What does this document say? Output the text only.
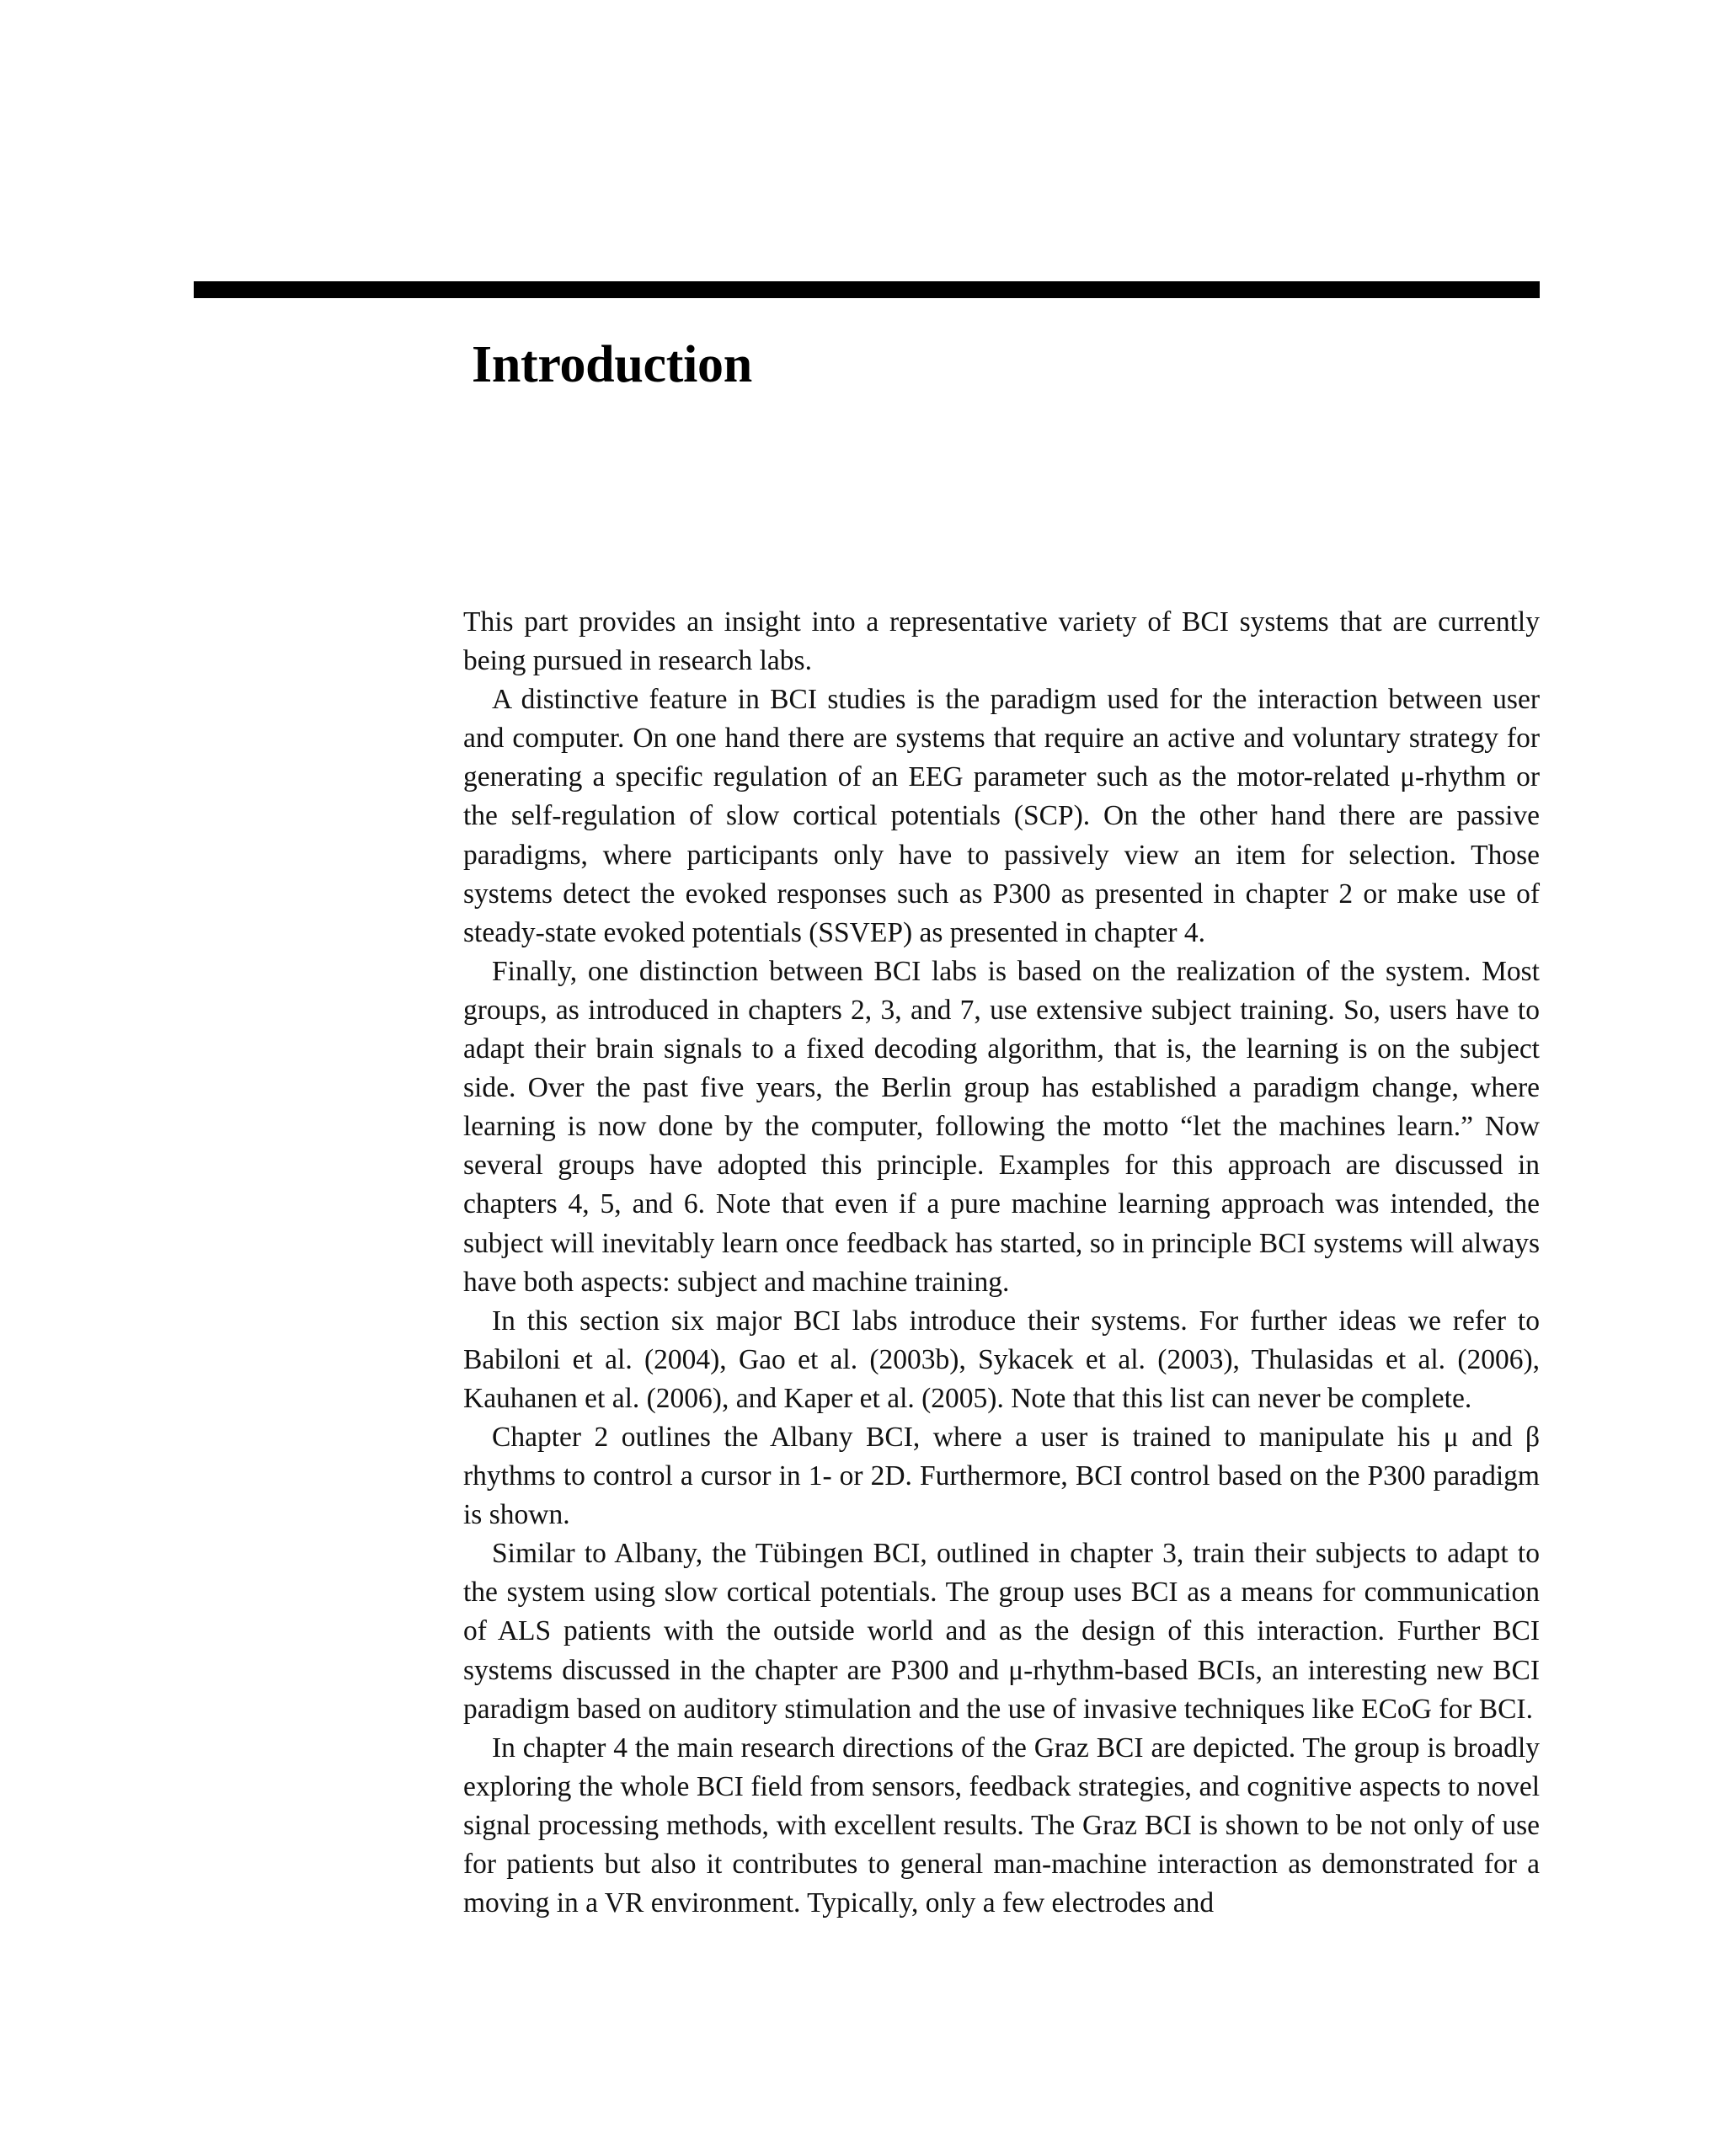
Introduction

This part provides an insight into a representative variety of BCI systems that are currently being pursued in research labs.

A distinctive feature in BCI studies is the paradigm used for the interaction between user and computer. On one hand there are systems that require an active and voluntary strategy for generating a specific regulation of an EEG parameter such as the motor-related μ-rhythm or the self-regulation of slow cortical potentials (SCP). On the other hand there are passive paradigms, where participants only have to passively view an item for selection. Those systems detect the evoked responses such as P300 as presented in chapter 2 or make use of steady-state evoked potentials (SSVEP) as presented in chapter 4.

Finally, one distinction between BCI labs is based on the realization of the system. Most groups, as introduced in chapters 2, 3, and 7, use extensive subject training. So, users have to adapt their brain signals to a fixed decoding algorithm, that is, the learning is on the subject side. Over the past five years, the Berlin group has established a paradigm change, where learning is now done by the computer, following the motto “let the machines learn.” Now several groups have adopted this principle. Examples for this approach are discussed in chapters 4, 5, and 6. Note that even if a pure machine learning approach was intended, the subject will inevitably learn once feedback has started, so in principle BCI systems will always have both aspects: subject and machine training.

In this section six major BCI labs introduce their systems. For further ideas we refer to Babiloni et al. (2004), Gao et al. (2003b), Sykacek et al. (2003), Thulasidas et al. (2006), Kauhanen et al. (2006), and Kaper et al. (2005). Note that this list can never be complete.

Chapter 2 outlines the Albany BCI, where a user is trained to manipulate his μ and β rhythms to control a cursor in 1- or 2D. Furthermore, BCI control based on the P300 paradigm is shown.

Similar to Albany, the Tübingen BCI, outlined in chapter 3, train their subjects to adapt to the system using slow cortical potentials. The group uses BCI as a means for communication of ALS patients with the outside world and as the design of this interaction. Further BCI systems discussed in the chapter are P300 and μ-rhythm-based BCIs, an interesting new BCI paradigm based on auditory stimulation and the use of invasive techniques like ECoG for BCI.

In chapter 4 the main research directions of the Graz BCI are depicted. The group is broadly exploring the whole BCI field from sensors, feedback strategies, and cognitive aspects to novel signal processing methods, with excellent results. The Graz BCI is shown to be not only of use for patients but also it contributes to general man-machine interaction as demonstrated for a moving in a VR environment. Typically, only a few electrodes and
